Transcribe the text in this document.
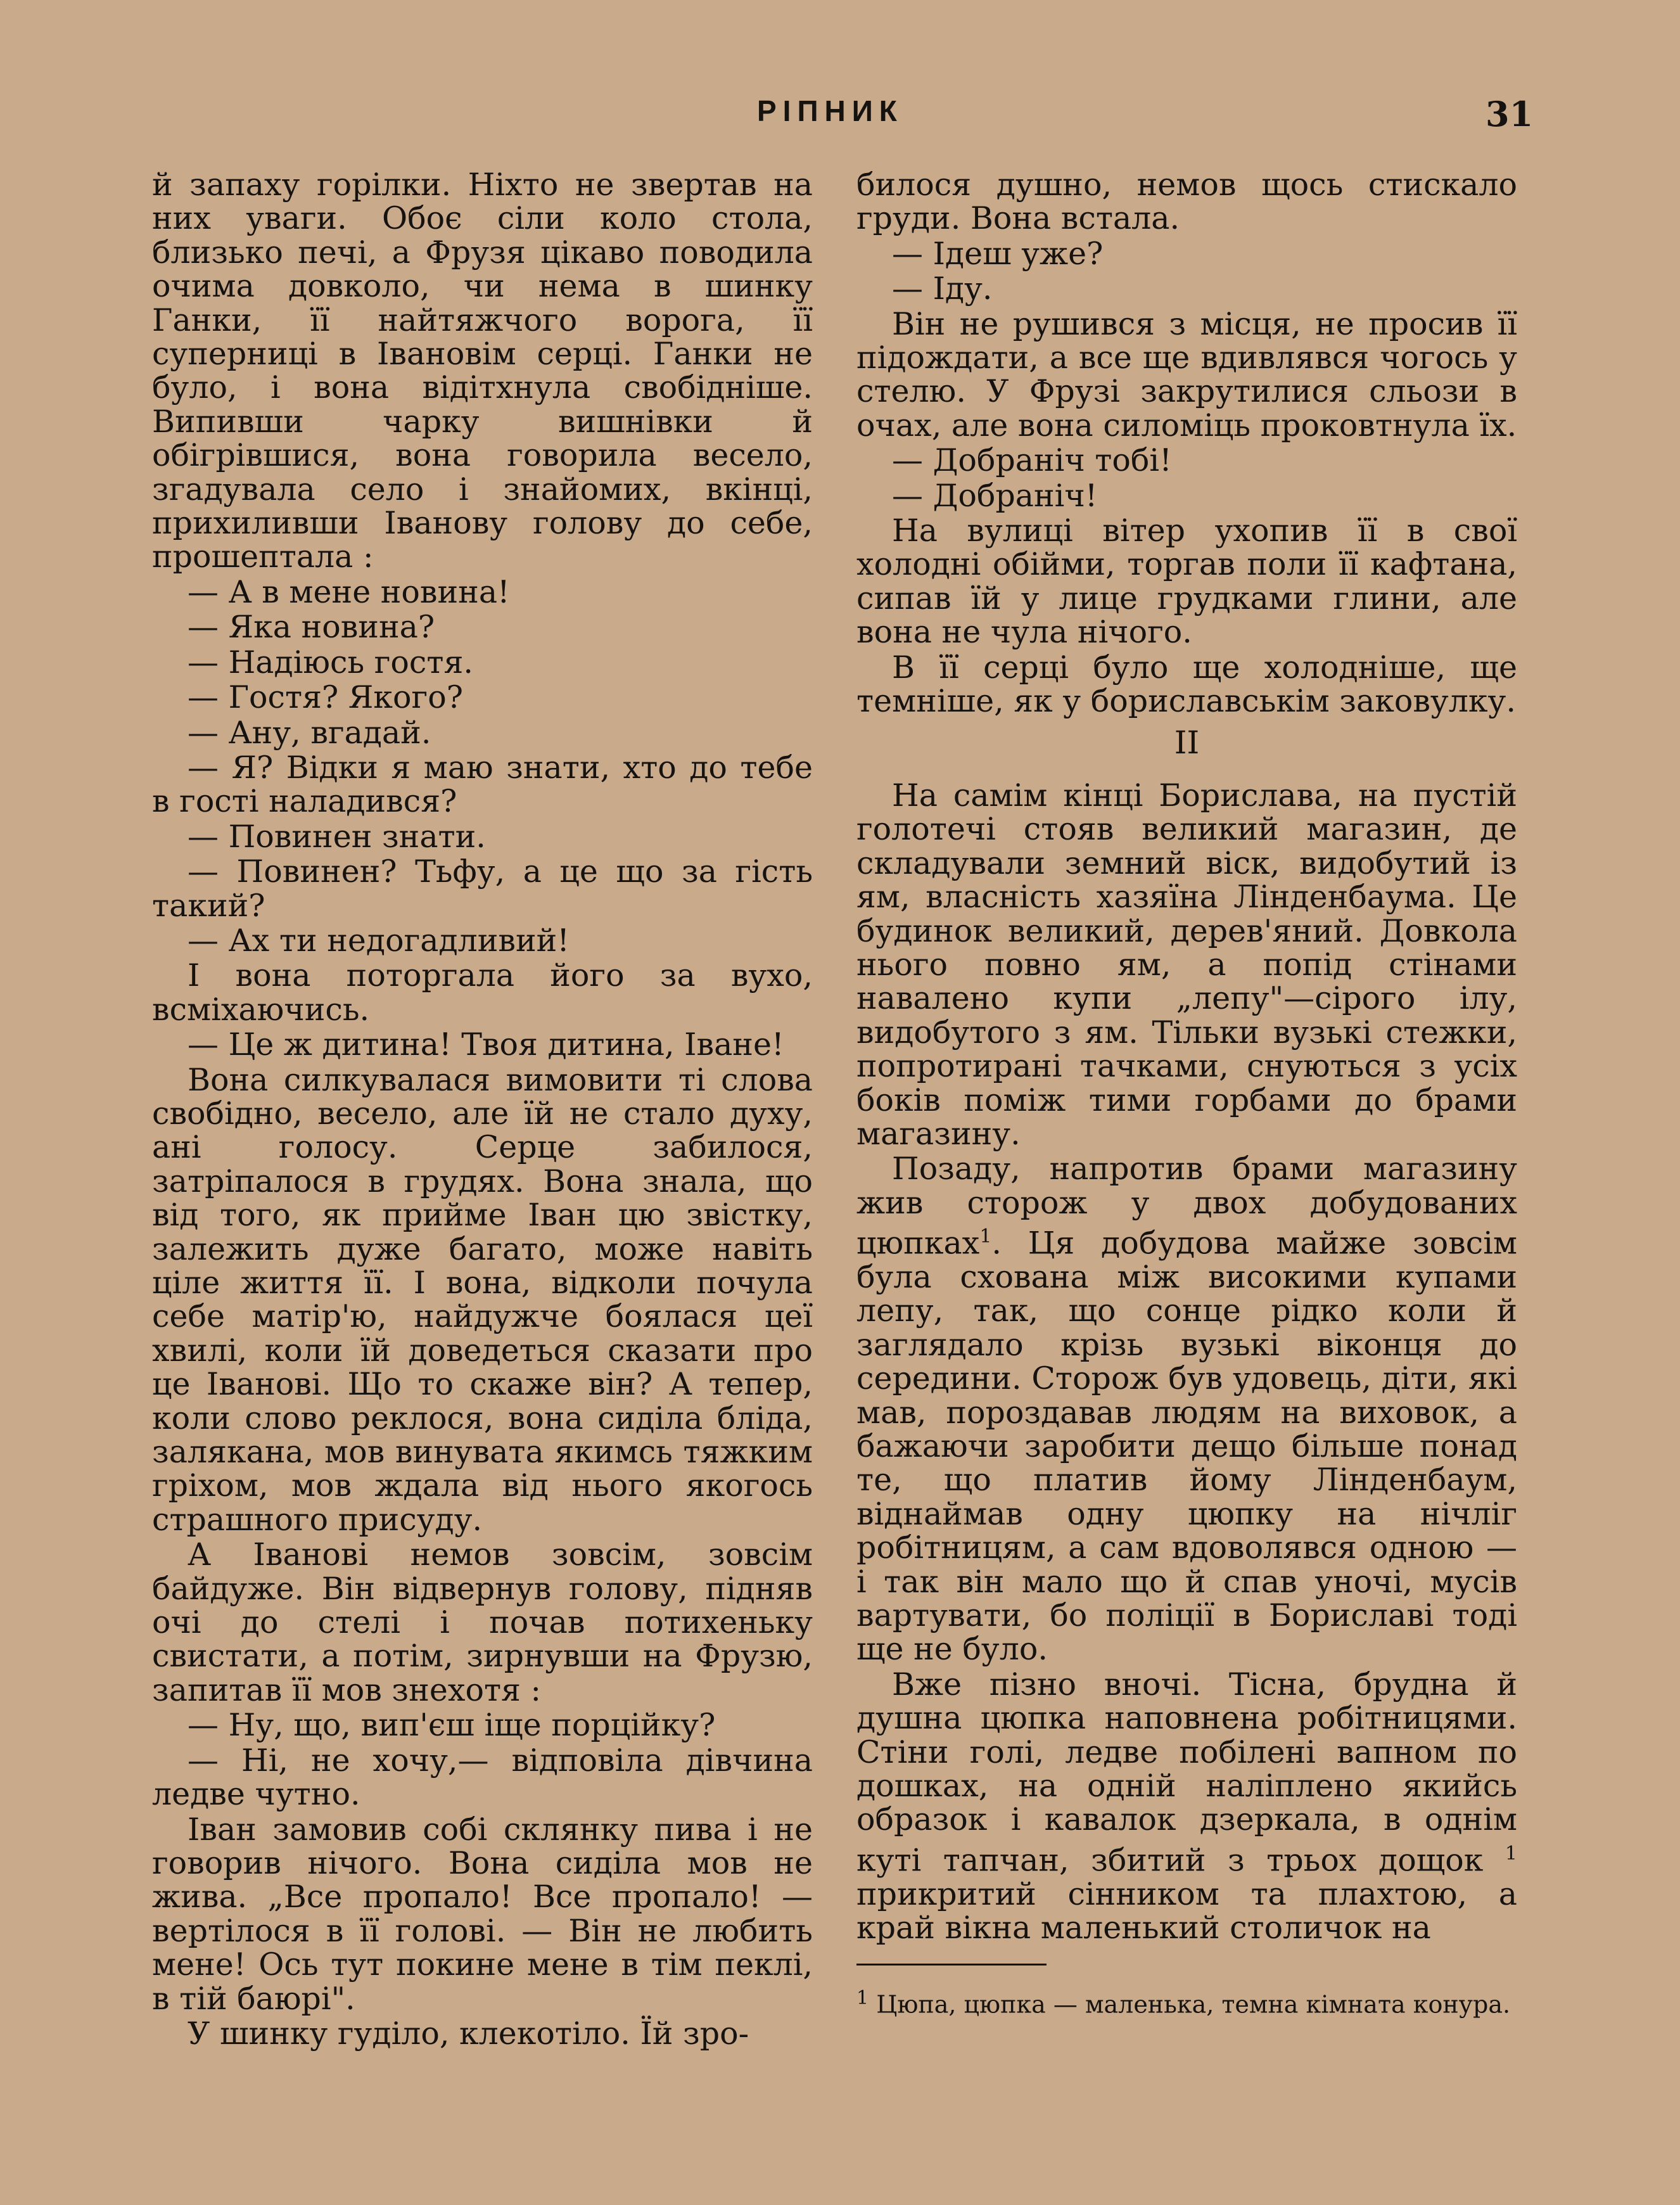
РІПНИК	31

й запаху горілки. Ніхто не звертав на них уваги. Обоє сіли коло стола, близько печі, а Фрузя цікаво поводила очима довколо, чи нема в шинку Ганки, її найтяжчого ворога, її суперниці в Івановім серці. Ганки не було, і вона відітхнула свобідніше. Випивши чарку вишнівки й обігрівшися, вона говорила весело, згадувала село і знайомих, вкінці, прихиливши Іванову голову до себе, прошептала :

— А в мене новина!

— Яка новина?

— Надіюсь гостя.

— Гостя? Якого?

— Ану, вгадай.

— Я? Відки я маю знати, хто до тебе в гості наладився?

— Повинен знати.

— Повинен? Тьфу, а це що за гість такий?

— Ах ти недогадливий!

І вона поторгала його за вухо, всміхаючись.

— Це ж дитина! Твоя дитина, Іване!

Вона силкувалася вимовити ті слова свобідно, весело, але їй не стало духу, ані голосу. Серце забилося, затріпалося в грудях. Вона знала, що від того, як прийме Іван цю звістку, залежить дуже багато, може навіть ціле життя її. І вона, відколи почула себе матір'ю, найдужче боялася цеї хвилі, коли їй доведеться сказати про це Іванові. Що то скаже він? А тепер, коли слово реклося, вона сиділа бліда, залякана, мов винувата якимсь тяжким гріхом, мов ждала від нього якогось страшного присуду.

А Іванові немов зовсім, зовсім байдуже. Він відвернув голову, підняв очі до стелі і почав потихеньку свистати, а потім, зирнувши на Фрузю, запитав її мов знехотя :

— Ну, що, вип'єш іще порційку?

— Ні, не хочу,— відповіла дівчина ледве чутно.

Іван замовив собі склянку пива і не говорив нічого. Вона сиділа мов не жива. „Все пропало! Все пропало! — вертілося в її голові. — Він не любить мене! Ось тут покине мене в тім пеклі, в тій баюрі".

У шинку гуділо, клекотіло. Їй зро-

билося душно, немов щось стискало груди. Вона встала.

— Ідеш уже?

— Іду.

Він не рушився з місця, не просив її підождати, а все ще вдивлявся чогось у стелю. У Фрузі закрутилися сльози в очах, але вона силоміць проковтнула їх.

— Добраніч тобі!

— Добраніч!

На вулиці вітер ухопив її в свої холодні обійми, торгав поли її кафтана, сипав їй у лице грудками глини, але вона не чула нічого.

В її серці було ще холодніше, ще темніше, як у бориславськім заковулку.

II

На самім кінці Борислава, на пустій голотечі стояв великий магазин, де складували земний віск, видобутий із ям, власність хазяїна Лінденбаума. Це будинок великий, дерев'яний. Довкола нього повно ям, а попід стінами навалено купи „лепу"—сірого ілу, видобутого з ям. Тільки вузькі стежки, попротирані тачками, снуються з усіх боків поміж тими горбами до брами магазину.

Позаду, напротив брами магазину жив сторож у двох добудованих цюпках$^1$. Ця добудова майже зовсім була схована між високими купами лепу, так, що сонце рідко коли й заглядало крізь вузькі віконця до середини. Сторож був удовець, діти, які мав, пороздавав людям на виховок, а бажаючи заробити дещо більше понад те, що платив йому Лінденбаум, віднаймав одну цюпку на нічліг робітницям, а сам вдоволявся одною — і так він мало що й спав уночі, мусів вартувати, бо поліції в Бориславі тоді ще не було.

Вже пізно вночі. Тісна, брудна й душна цюпка наповнена робітницями. Стіни голі, ледве побілені вапном по дошках, на одній наліплено якийсь образок і кавалок дзеркала, в однім куті тапчан, збитий з трьох дощок $^1$ прикритий сінником та плахтою, а край вікна маленький столичок на

$^1$ Цюпа, цюпка — маленька, темна кімната конура.
